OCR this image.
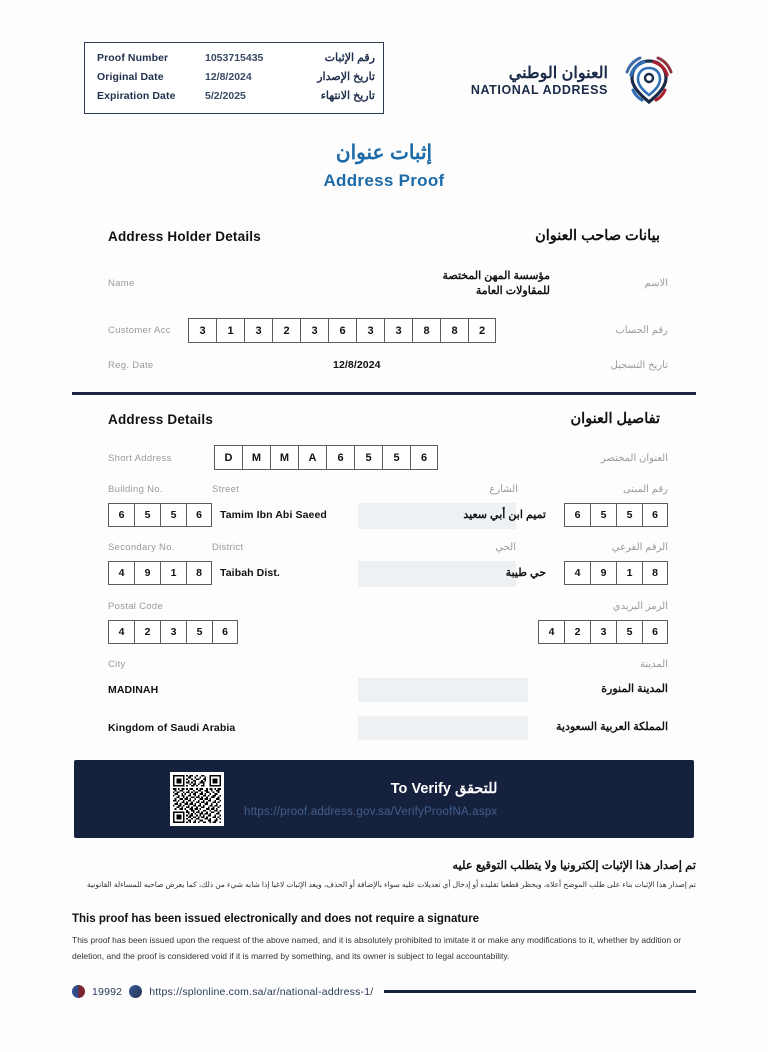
Proof Number	1053715435	رقم الإثبات
Original Date	12/8/2024	تاريخ الإصدار
Expiration Date	5/2/2025	تاريخ الانتهاء
العنوان الوطني
NATIONAL ADDRESS
إثبات عنوان
Address Proof
Address Holder Details	بيانات صاحب العنوان
Name
مؤسسة المهن المختصة
للمقاولات العامة
الاسم
Customer Acc	3	1	3	2	3	6	3	3	8	8	2	رقم الحساب
Reg. Date	12/8/2024	تاريخ التسجيل
Address Details	تفاصيل العنوان
Short Address	D	M	M	A	6	5	5	6	العنوان المختصر
Building No.	Street	الشارع	رقم المبنى
6	5	5	6	Tamim Ibn Abi Saeed	تميم ابن أبي سعيد	6	5	5	6
Secondary No.	District	الحي	الرقم الفرعي
4	9	1	8	Taibah Dist.	حي طيبة	4	9	1	8
Postal Code	الرمز البريدي
4	2	3	5	6	4	2	3	5	6
City	المدينة
MADINAH	المدينة المنورة
Kingdom of Saudi Arabia	المملكة العربية السعودية
للتحقق To Verify
https://proof.address.gov.sa/VerifyProofNA.aspx
تم إصدار هذا الإثبات إلكترونيا ولا يتطلب التوقيع عليه
تم إصدار هذا الإثبات بناء على طلب الموضح أعلاه، ويحظر قطعيا تقليده أو إدخال أي تعديلات عليه سواء بالإضافة أو الحذف، ويعد الإثبات لاغيا إذا شابه شيء من ذلك، كما يعرض صاحبه للمساءلة القانونية
This proof has been issued electronically and does not require a signature
This proof has been issued upon the request of the above named, and it is absolutely prohibited to imitate it or make any modifications to it, whether by addition or deletion, and the proof is considered void if it is marred by something, and its owner is subject to legal accountability.
19992	https://splonline.com.sa/ar/national-address-1/
